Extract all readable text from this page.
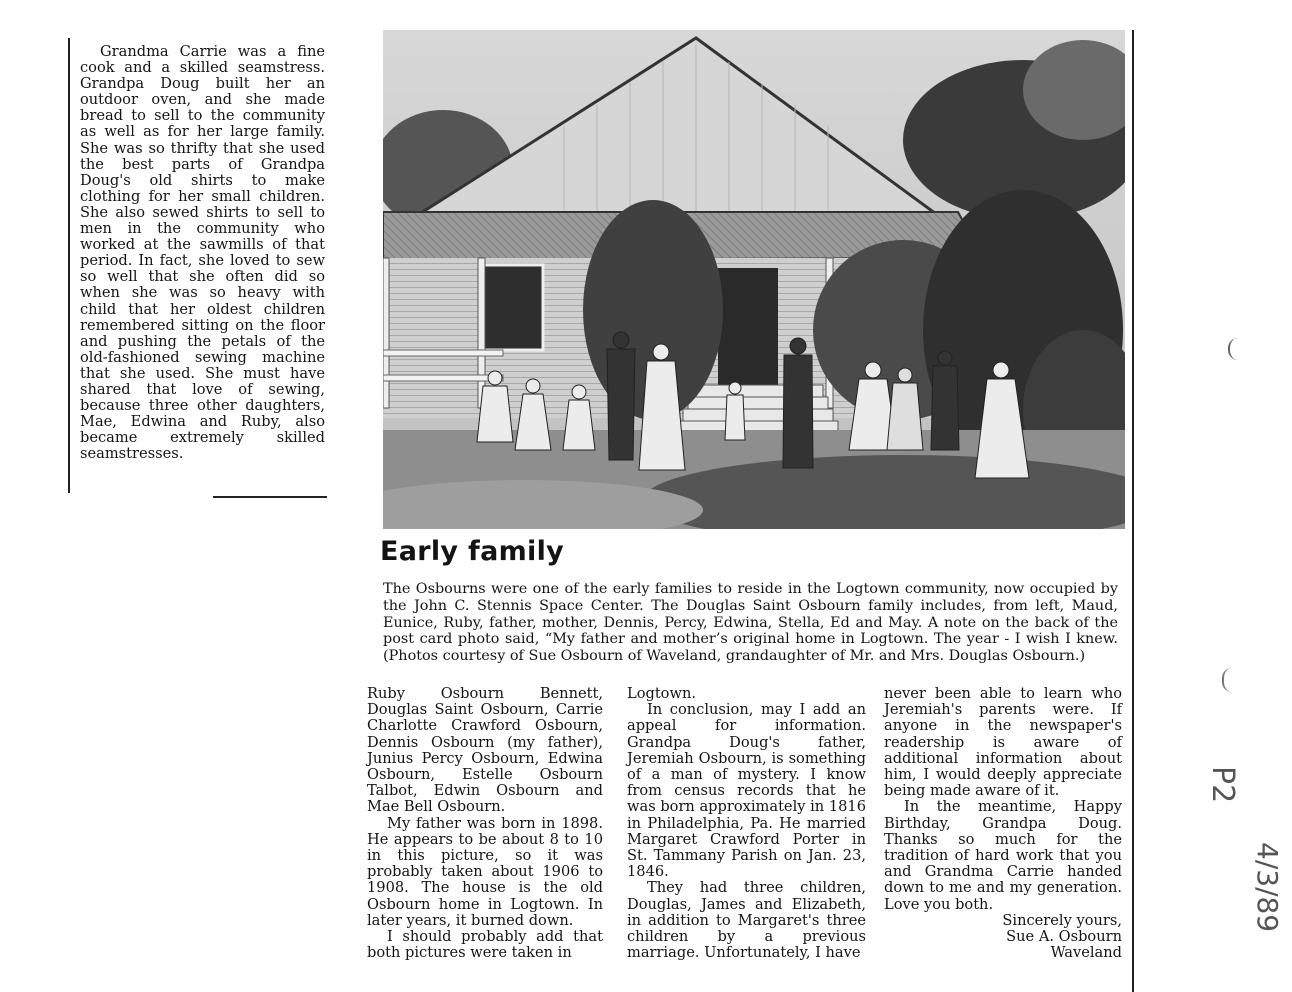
Grandma Carrie was a fine cook and a skilled seamstress. Grandpa Doug built her an outdoor oven, and she made bread to sell to the community as well as for her large family. She was so thrifty that she used the best parts of Grandpa Doug's old shirts to make clothing for her small children. She also sewed shirts to sell to men in the community who worked at the sawmills of that period. In fact, she loved to sew so well that she often did so when she was so heavy with child that her oldest children remembered sitting on the floor and pushing the petals of the old-fashioned sewing machine that she used. She must have shared that love of sewing, because three other daughters, Mae, Edwina and Ruby, also became extremely skilled seamstresses.

Early family
The Osbourns were one of the early families to reside in the Logtown community, now occupied by the John C. Stennis Space Center. The Douglas Saint Osbourn family includes, from left, Maud, Eunice, Ruby, father, mother, Dennis, Percy, Edwina, Stella, Ed and May. A note on the back of the post card photo said, “My father and mother’s original home in Logtown. The year - I wish I knew. (Photos courtesy of Sue Osbourn of Waveland, grandaughter of Mr. and Mrs. Douglas Osbourn.)

Ruby Osbourn Bennett, Douglas Saint Osbourn, Carrie Charlotte Crawford Osbourn, Dennis Osbourn (my father), Junius Percy Osbourn, Edwina Osbourn, Estelle Osbourn Talbot, Edwin Osbourn and Mae Bell Osbourn.

My father was born in 1898. He appears to be about 8 to 10 in this picture, so it was probably taken about 1906 to 1908. The house is the old Osbourn home in Logtown. In later years, it burned down.

I should probably add that both pictures were taken in

Logtown.

In conclusion, may I add an appeal for information. Grandpa Doug's father, Jeremiah Osbourn, is something of a man of mystery. I know from census records that he was born approximately in 1816 in Philadelphia, Pa. He married Margaret Crawford Porter in St. Tammany Parish on Jan. 23, 1846.

They had three children, Douglas, James and Elizabeth, in addition to Margaret's three children by a previous marriage. Unfortunately, I have

never been able to learn who Jeremiah's parents were. If anyone in the newspaper's readership is aware of additional information about him, I would deeply appreciate being made aware of it.

In the meantime, Happy Birthday, Grandpa Doug. Thanks so much for the tradition of hard work that you and Grandma Carrie handed down to me and my generation. Love you both.

Sincerely yours,

Sue A. Osbourn

Waveland

P2
4/3/89
